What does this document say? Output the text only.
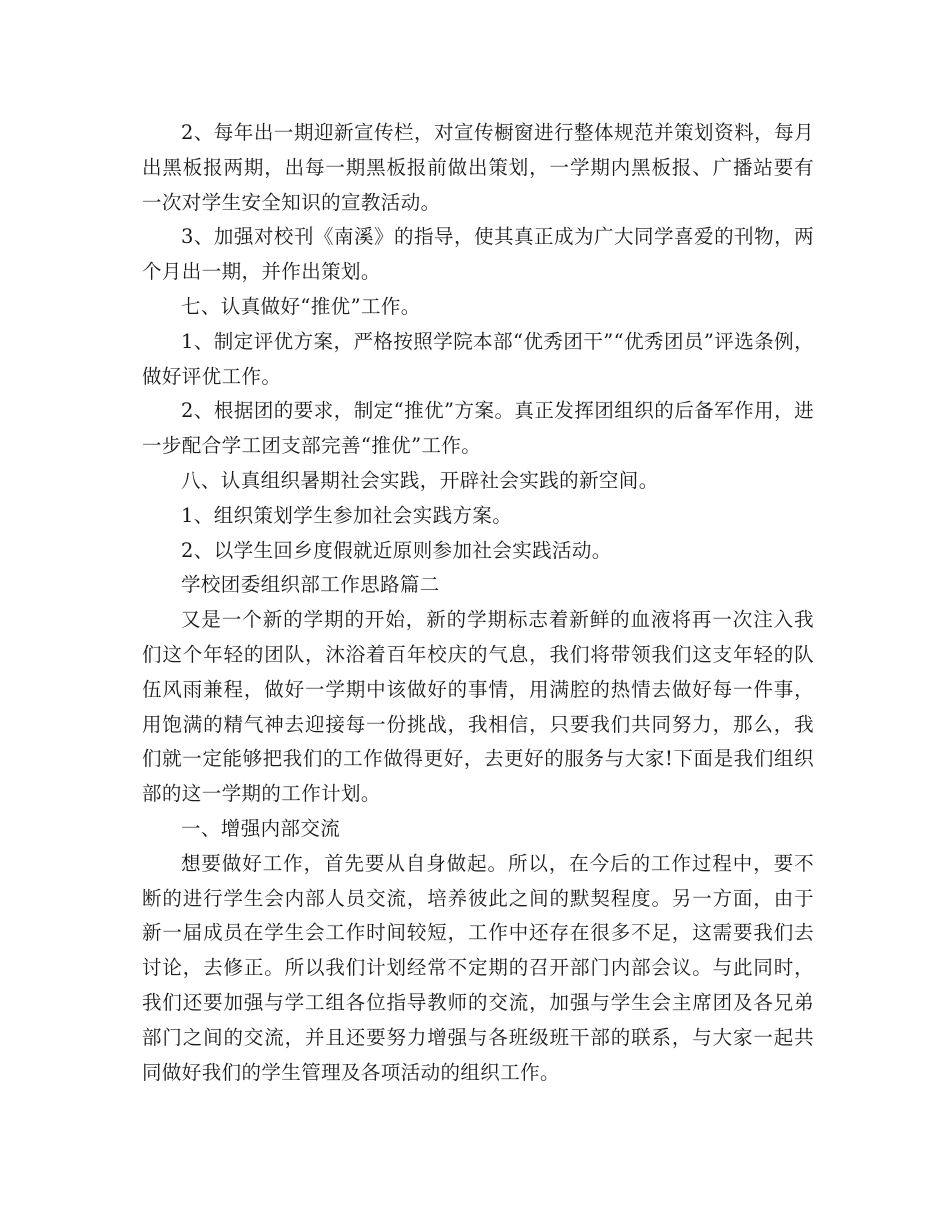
2、每年出一期迎新宣传栏，对宣传橱窗进行整体规范并策划资料，每月出黑板报两期，出每一期黑板报前做出策划，一学期内黑板报、广播站要有一次对学生安全知识的宣教活动。

3、加强对校刊《南溪》的指导，使其真正成为广大同学喜爱的刊物，两个月出一期，并作出策划。

七、认真做好“推优”工作。

1、制定评优方案，严格按照学院本部“优秀团干”“优秀团员”评选条例，做好评优工作。

2、根据团的要求，制定“推优”方案。真正发挥团组织的后备军作用，进一步配合学工团支部完善“推优”工作。

八、认真组织暑期社会实践，开辟社会实践的新空间。

1、组织策划学生参加社会实践方案。

2、以学生回乡度假就近原则参加社会实践活动。

学校团委组织部工作思路篇二

又是一个新的学期的开始，新的学期标志着新鲜的血液将再一次注入我们这个年轻的团队，沐浴着百年校庆的气息，我们将带领我们这支年轻的队伍风雨兼程，做好一学期中该做好的事情，用满腔的热情去做好每一件事，用饱满的精气神去迎接每一份挑战，我相信，只要我们共同努力，那么，我们就一定能够把我们的工作做得更好，去更好的服务与大家!下面是我们组织部的这一学期的工作计划。

一、增强内部交流

想要做好工作，首先要从自身做起。所以，在今后的工作过程中，要不断的进行学生会内部人员交流，培养彼此之间的默契程度。另一方面，由于新一届成员在学生会工作时间较短，工作中还存在很多不足，这需要我们去讨论，去修正。所以我们计划经常不定期的召开部门内部会议。与此同时，我们还要加强与学工组各位指导教师的交流，加强与学生会主席团及各兄弟部门之间的交流，并且还要努力增强与各班级班干部的联系，与大家一起共同做好我们的学生管理及各项活动的组织工作。
